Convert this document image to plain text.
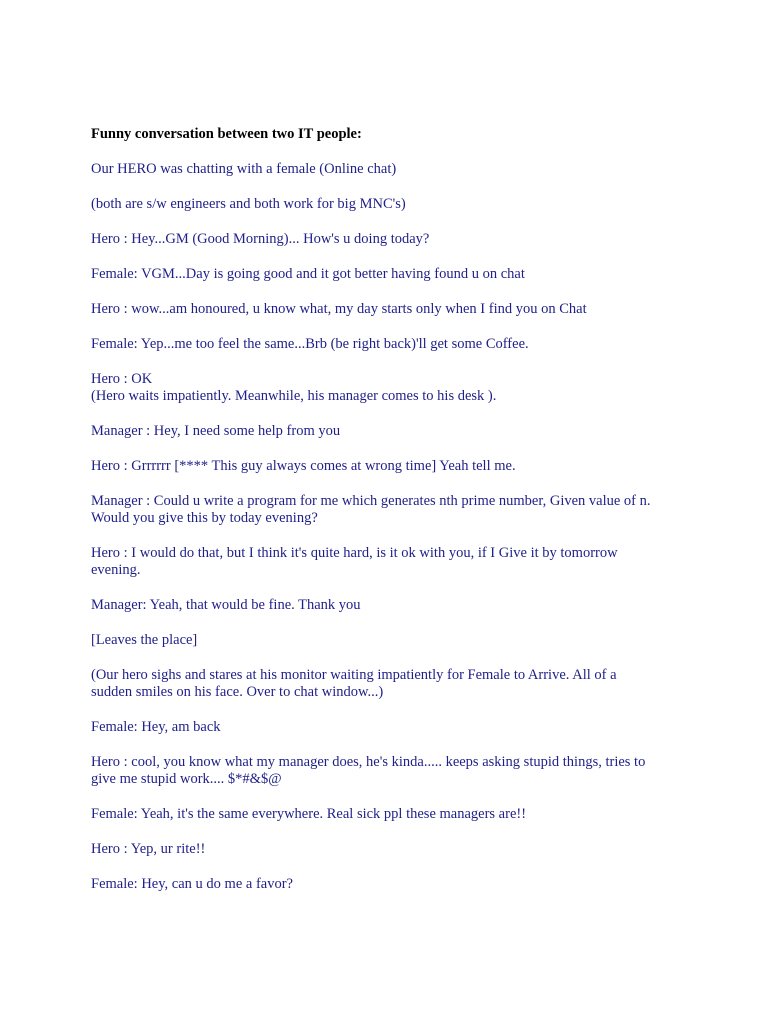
Funny conversation between two IT people:
Our HERO was chatting with a female (Online chat)
(both are s/w engineers and both work for big MNC's)
Hero : Hey...GM (Good Morning)... How's u doing today?
Female: VGM...Day is going good and it got better having found u on chat
Hero : wow...am honoured, u know what, my day starts only when I find you on Chat
Female: Yep...me too feel the same...Brb (be right back)'ll get some Coffee.
Hero : OK
(Hero waits impatiently. Meanwhile, his manager comes to his desk ).
Manager : Hey, I need some help from you
Hero : Grrrrrr [**** This guy always comes at wrong time] Yeah tell me.
Manager : Could u write a program for me which generates nth prime number, Given value of n.
Would you give this by today evening?
Hero : I would do that, but I think it's quite hard, is it ok with you, if I Give it by tomorrow
evening.
Manager: Yeah, that would be fine. Thank you
[Leaves the place]
(Our hero sighs and stares at his monitor waiting impatiently for Female to Arrive. All of a
sudden smiles on his face. Over to chat window...)
Female: Hey, am back
Hero : cool, you know what my manager does, he's kinda..... keeps asking stupid things, tries to
give me stupid work.... $*#&$@
Female: Yeah, it's the same everywhere. Real sick ppl these managers are!!
Hero : Yep, ur rite!!
Female: Hey, can u do me a favor?
